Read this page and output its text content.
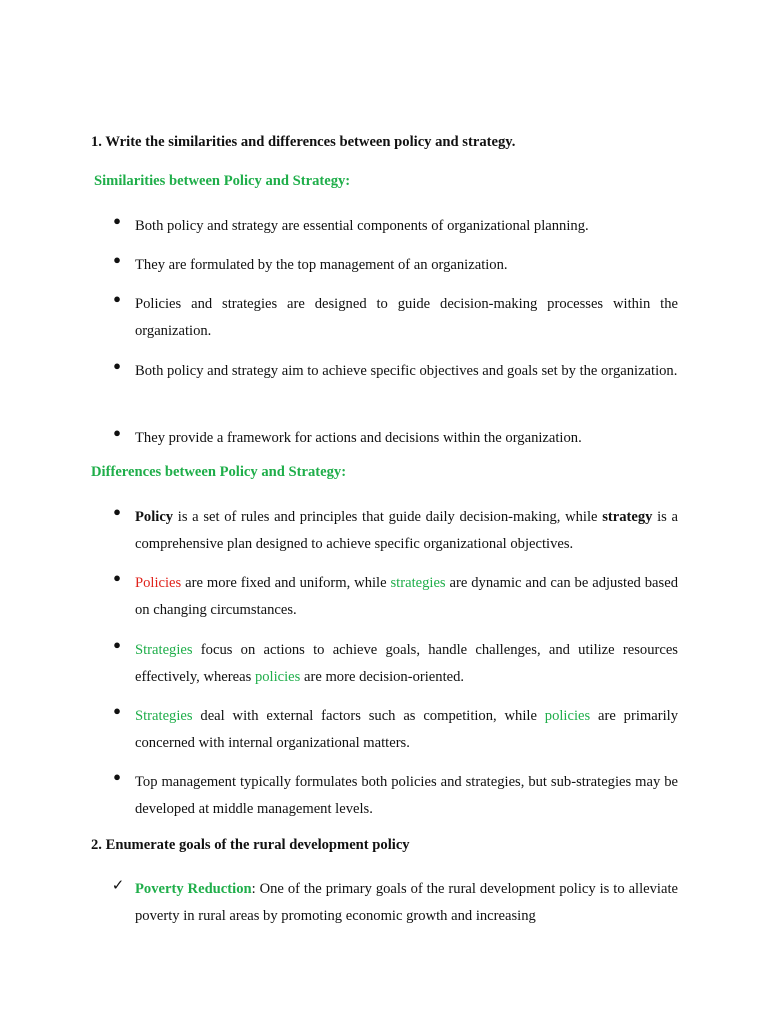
1. Write the similarities and differences between policy and strategy.
Similarities between Policy and Strategy:
● Both policy and strategy are essential components of organizational planning.
● They are formulated by the top management of an organization.
● Policies and strategies are designed to guide decision-making processes within the organization.
● Both policy and strategy aim to achieve specific objectives and goals set by the organization.
● They provide a framework for actions and decisions within the organization.
Differences between Policy and Strategy:
● Policy is a set of rules and principles that guide daily decision-making, while strategy is a comprehensive plan designed to achieve specific organizational objectives.
● Policies are more fixed and uniform, while strategies are dynamic and can be adjusted based on changing circumstances.
● Strategies focus on actions to achieve goals, handle challenges, and utilize resources effectively, whereas policies are more decision-oriented.
● Strategies deal with external factors such as competition, while policies are primarily concerned with internal organizational matters.
● Top management typically formulates both policies and strategies, but sub-strategies may be developed at middle management levels.
2. Enumerate goals of the rural development policy
✓ Poverty Reduction: One of the primary goals of the rural development policy is to alleviate poverty in rural areas by promoting economic growth and increasing
